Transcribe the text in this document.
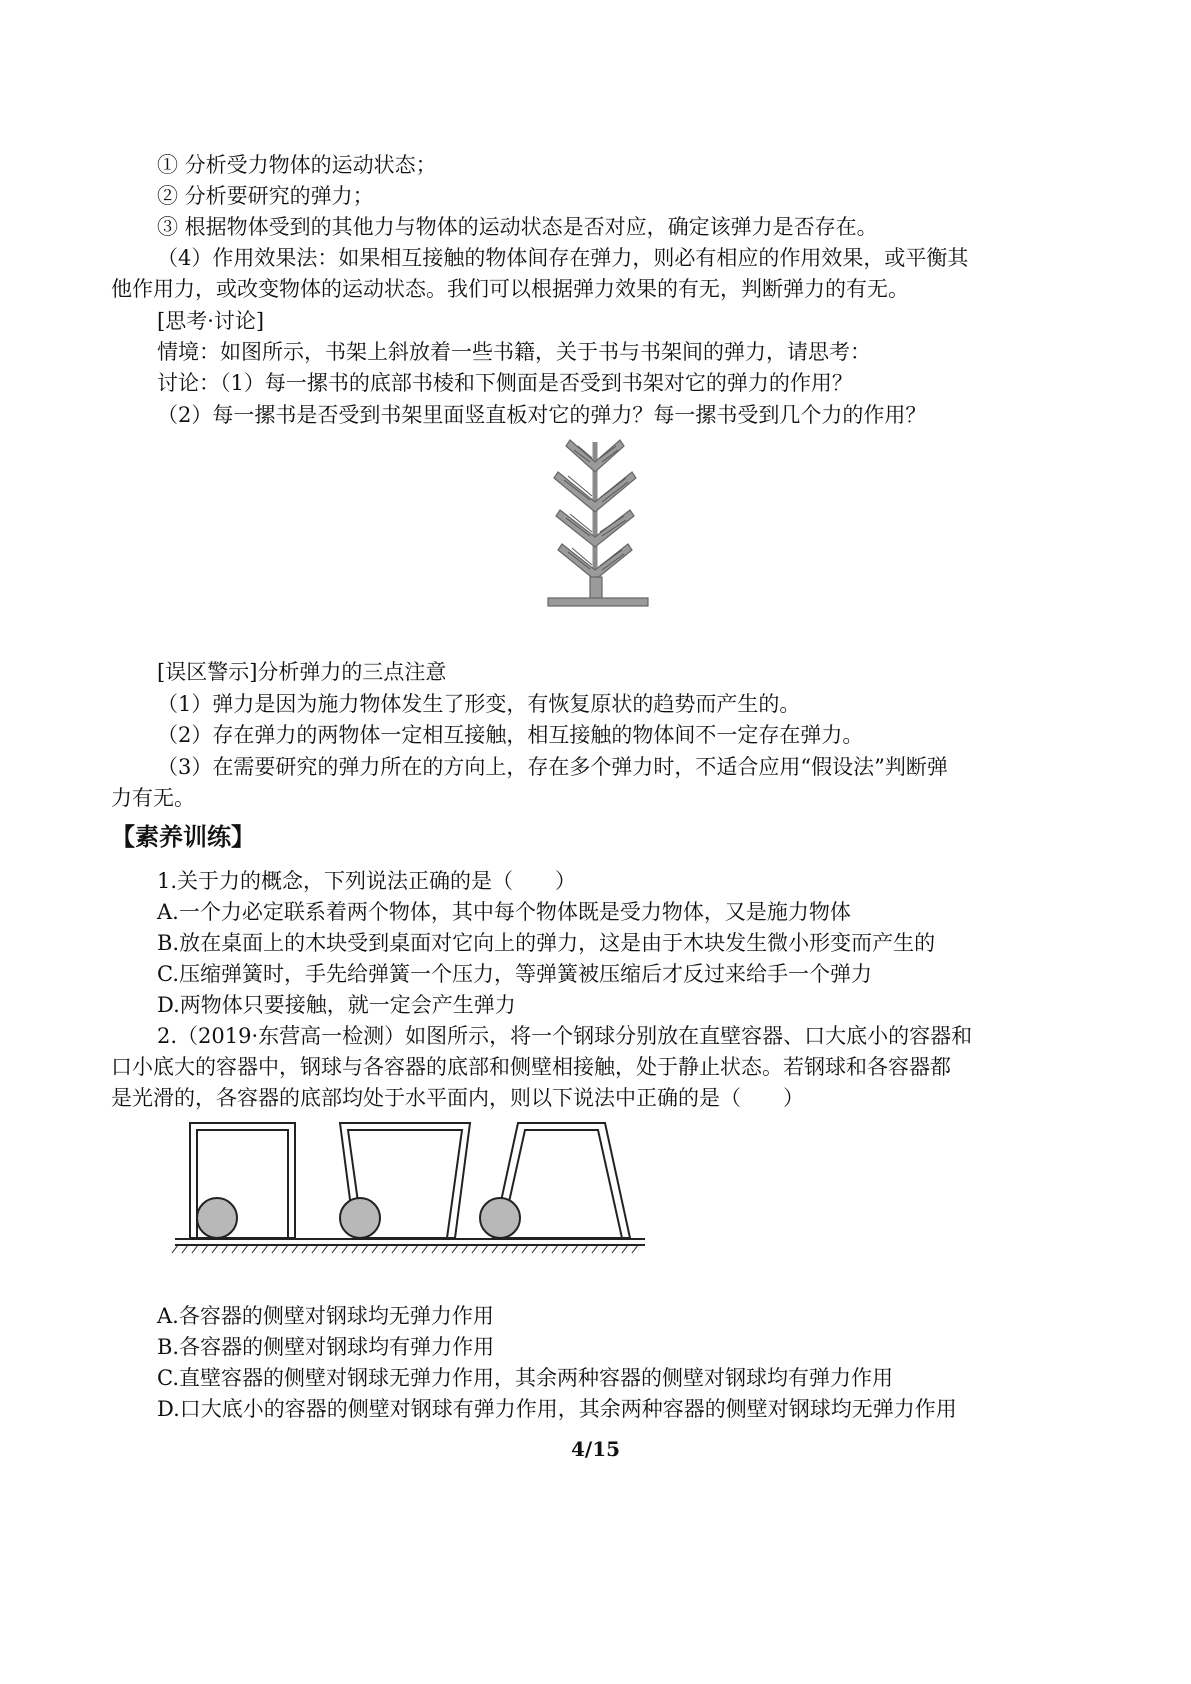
① 分析受力物体的运动状态；
② 分析要研究的弹力；
③ 根据物体受到的其他力与物体的运动状态是否对应，确定该弹力是否存在。
（4）作用效果法：如果相互接触的物体间存在弹力，则必有相应的作用效果，或平衡其
他作用力，或改变物体的运动状态。我们可以根据弹力效果的有无，判断弹力的有无。
[思考·讨论]
情境：如图所示，书架上斜放着一些书籍，关于书与书架间的弹力，请思考：
讨论：（1）每一摞书的底部书棱和下侧面是否受到书架对它的弹力的作用？
（2）每一摞书是否受到书架里面竖直板对它的弹力？每一摞书受到几个力的作用？
[误区警示]分析弹力的三点注意
（1）弹力是因为施力物体发生了形变，有恢复原状的趋势而产生的。
（2）存在弹力的两物体一定相互接触，相互接触的物体间不一定存在弹力。
（3）在需要研究的弹力所在的方向上，存在多个弹力时，不适合应用“假设法”判断弹
力有无。
【素养训练】
1.关于力的概念，下列说法正确的是（　　）
A.一个力必定联系着两个物体，其中每个物体既是受力物体，又是施力物体
B.放在桌面上的木块受到桌面对它向上的弹力，这是由于木块发生微小形变而产生的
C.压缩弹簧时，手先给弹簧一个压力，等弹簧被压缩后才反过来给手一个弹力
D.两物体只要接触，就一定会产生弹力
2.（2019·东营高一检测）如图所示，将一个钢球分别放在直壁容器、口大底小的容器和
口小底大的容器中，钢球与各容器的底部和侧壁相接触，处于静止状态。若钢球和各容器都
是光滑的，各容器的底部均处于水平面内，则以下说法中正确的是（　　）
A.各容器的侧壁对钢球均无弹力作用
B.各容器的侧壁对钢球均有弹力作用
C.直壁容器的侧壁对钢球无弹力作用，其余两种容器的侧壁对钢球均有弹力作用
D.口大底小的容器的侧壁对钢球有弹力作用，其余两种容器的侧壁对钢球均无弹力作用
4/15
